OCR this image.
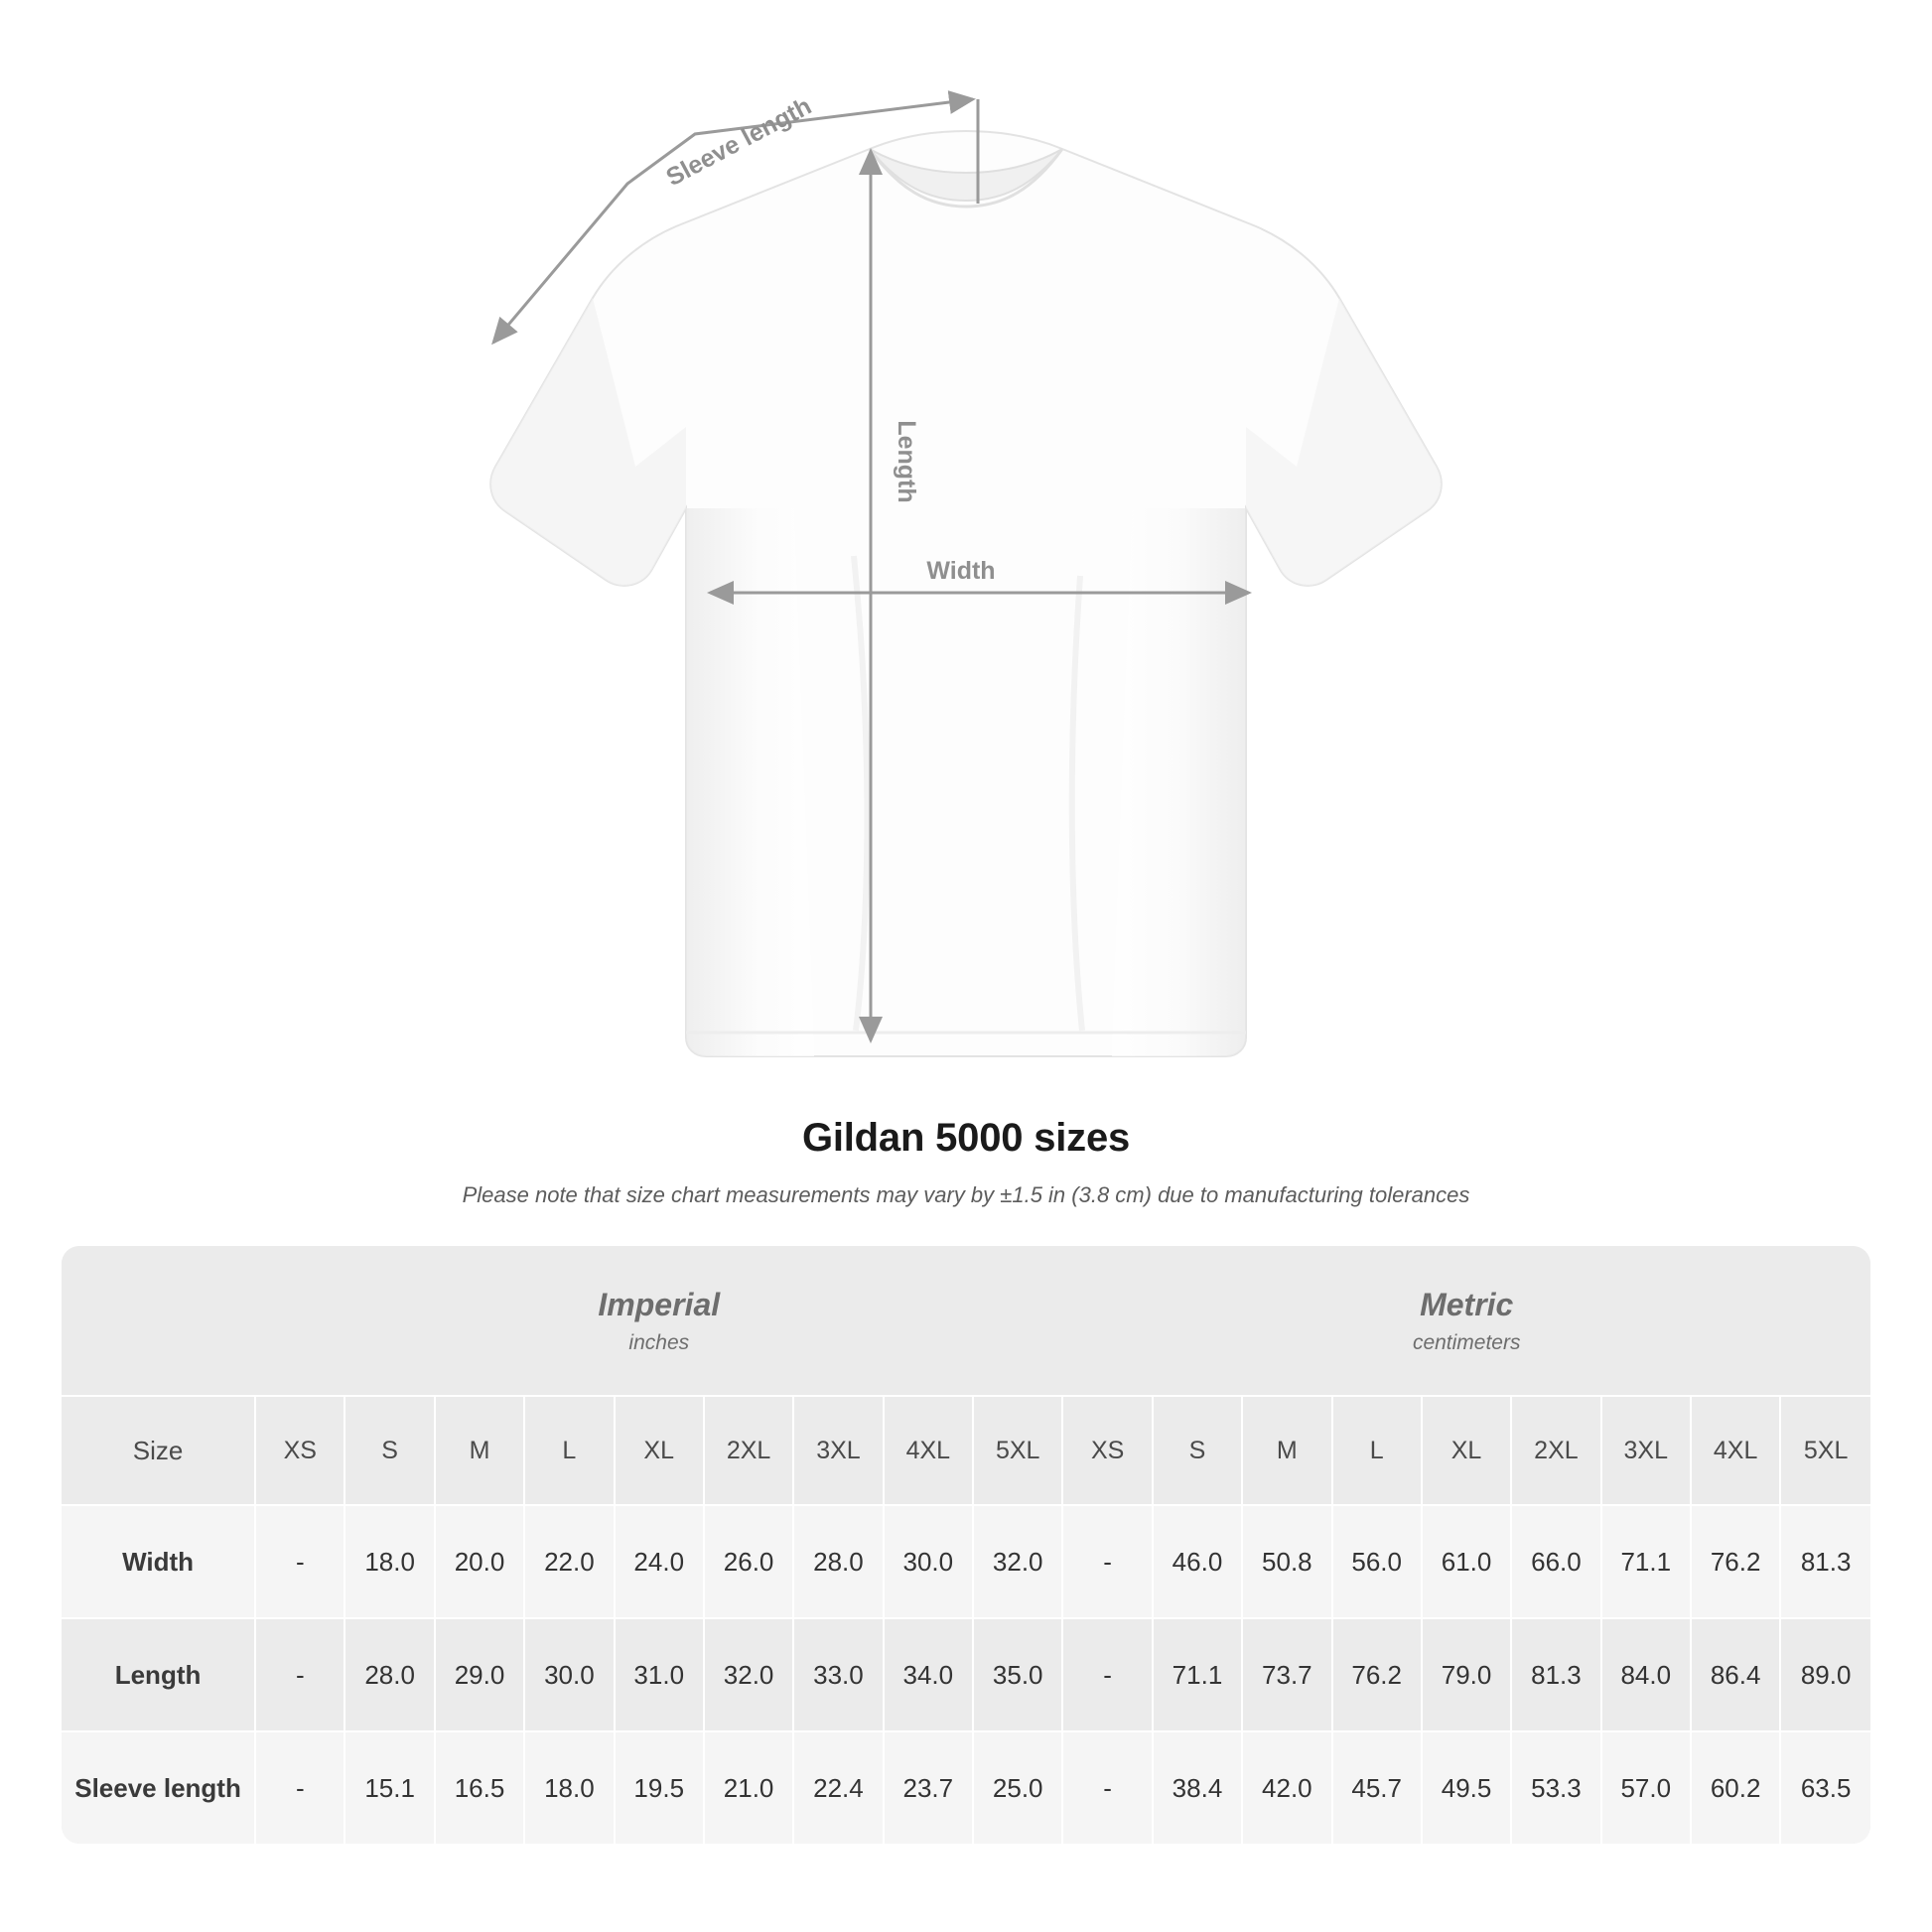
Width
Length
Sleeve length
Gildan 5000 sizes
Please note that size chart measurements may vary by ±1.5 in (3.8 cm) due to manufacturing tolerances

Imperial
inches

Metric
centimeters

Size	XS	S	M	L	XL	2XL	3XL	4XL	5XL	XS	S	M	L	XL	2XL	3XL	4XL	5XL
Width	-	18.0	20.0	22.0	24.0	26.0	28.0	30.0	32.0	-	46.0	50.8	56.0	61.0	66.0	71.1	76.2	81.3
Length	-	28.0	29.0	30.0	31.0	32.0	33.0	34.0	35.0	-	71.1	73.7	76.2	79.0	81.3	84.0	86.4	89.0
Sleeve length	-	15.1	16.5	18.0	19.5	21.0	22.4	23.7	25.0	-	38.4	42.0	45.7	49.5	53.3	57.0	60.2	63.5
